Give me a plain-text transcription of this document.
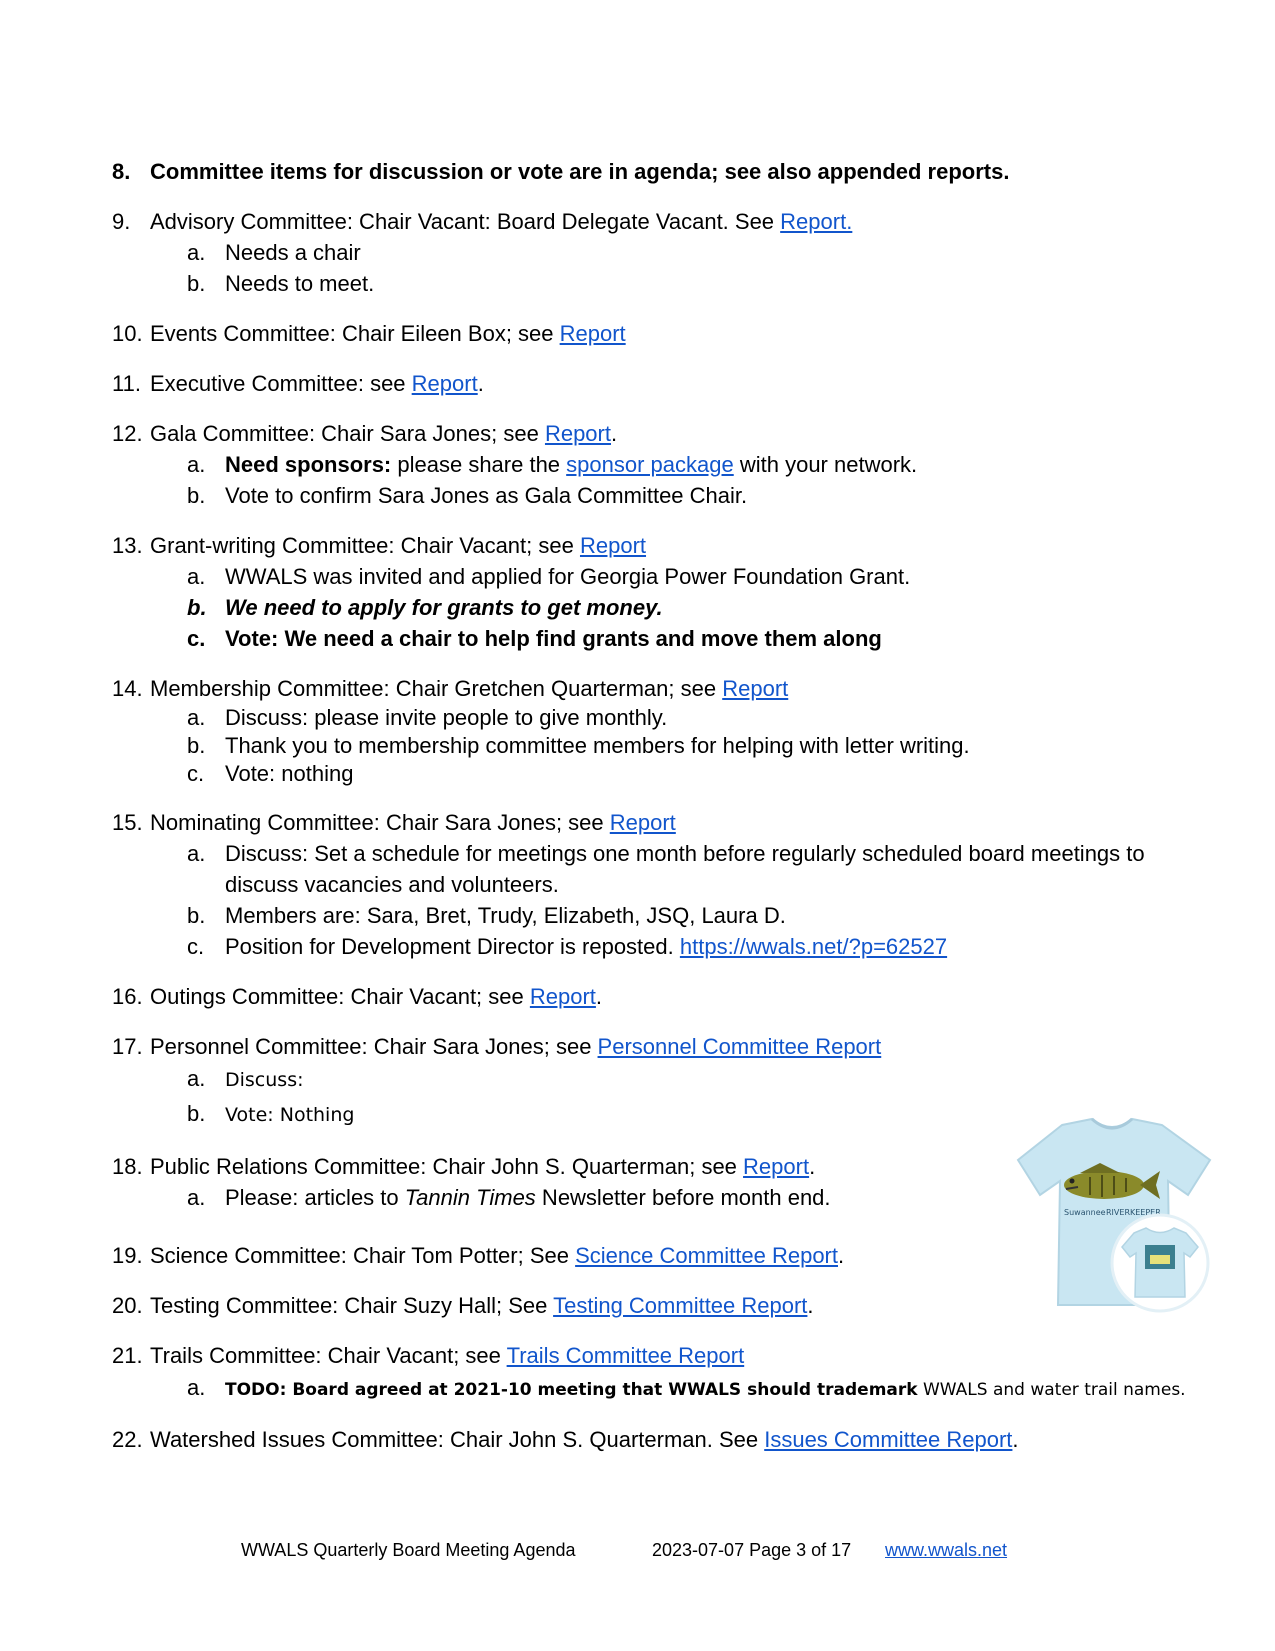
8. Committee items for discussion or vote are in agenda; see also appended reports.
9. Advisory Committee: Chair Vacant: Board Delegate Vacant. See Report.
a. Needs a chair
b. Needs to meet.
10. Events Committee: Chair Eileen Box; see Report
11. Executive Committee: see Report.
12. Gala Committee: Chair Sara Jones; see Report.
a. Need sponsors: please share the sponsor package with your network.
b. Vote to confirm Sara Jones as Gala Committee Chair.
13. Grant-writing Committee: Chair Vacant; see Report
a. WWALS was invited and applied for Georgia Power Foundation Grant.
b. We need to apply for grants to get money.
c. Vote: We need a chair to help find grants and move them along
14. Membership Committee: Chair Gretchen Quarterman; see Report
a. Discuss: please invite people to give monthly.
b. Thank you to membership committee members for helping with letter writing.
c. Vote: nothing
15. Nominating Committee: Chair Sara Jones; see Report
a. Discuss: Set a schedule for meetings one month before regularly scheduled board meetings to discuss vacancies and volunteers.
b. Members are: Sara, Bret, Trudy, Elizabeth, JSQ, Laura D.
c. Position for Development Director is reposted. https://wwals.net/?p=62527
16. Outings Committee: Chair Vacant; see Report.
17. Personnel Committee: Chair Sara Jones; see Personnel Committee Report
a. Discuss:
b. Vote: Nothing
18. Public Relations Committee: Chair John S. Quarterman; see Report.
a. Please: articles to Tannin Times Newsletter before month end.
19. Science Committee: Chair Tom Potter; See Science Committee Report.
20. Testing Committee: Chair Suzy Hall; See Testing Committee Report.
21. Trails Committee: Chair Vacant; see Trails Committee Report
a. TODO: Board agreed at 2021-10 meeting that WWALS should trademark WWALS and water trail names.
22. Watershed Issues Committee: Chair John S. Quarterman. See Issues Committee Report.
Suwannee RIVERKEEPER
WWALS Quarterly Board Meeting Agenda	2023-07-07 Page 3 of 17 www.wwals.net
